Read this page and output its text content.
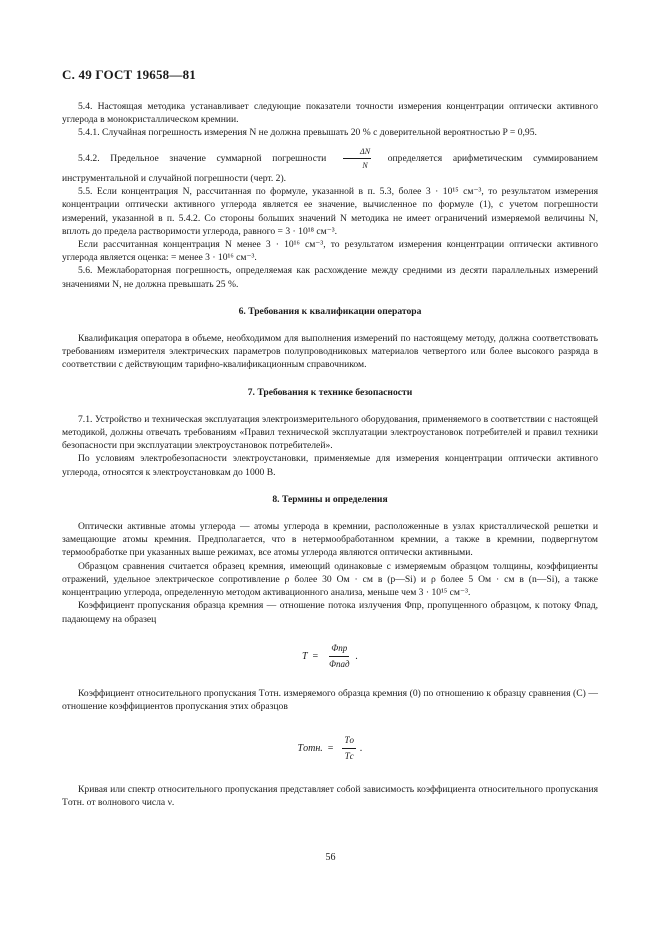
С. 49 ГОСТ 19658—81

5.4. Настоящая методика устанавливает следующие показатели точности измерения концентрации оптически активного углерода в монокристаллическом кремнии.

5.4.1. Случайная погрешность измерения N не должна превышать 20 % с доверительной вероятностью P = 0,95.

5.4.2. Предельное значение суммарной погрешности $\frac{\Delta N}{N}$ определяется арифметическим суммированием инструментальной и случайной погрешности (черт. 2).

5.5. Если концентрация N, рассчитанная по формуле, указанной в п. 5.3, более 3 · 10¹⁵ см⁻³, то результатом измерения концентрации оптически активного углерода является ее значение, вычисленное по формуле (1), с учетом погрешности измерений, указанной в п. 5.4.2. Со стороны больших значений N методика не имеет ограничений измеряемой величины N, вплоть до предела растворимости углерода, равного = 3 · 10¹⁸ см⁻³.

Если рассчитанная концентрация N менее 3 · 10¹⁶ см⁻³, то результатом измерения концентрации оптически активного углерода является оценка: = менее 3 · 10¹⁶ см⁻³.

5.6. Межлабораторная погрешность, определяемая как расхождение между средними из десяти параллельных измерений значениями N, не должна превышать 25 %.

6. Требования к квалификации оператора

Квалификация оператора в объеме, необходимом для выполнения измерений по настоящему методу, должна соответствовать требованиям измерителя электрических параметров полупроводниковых материалов четвертого или более высокого разряда в соответствии с действующим тарифно-квалификационным справочником.

7. Требования к технике безопасности

7.1. Устройство и техническая эксплуатация электроизмерительного оборудования, применяемого в соответствии с настоящей методикой, должны отвечать требованиям «Правил технической эксплуатации электроустановок потребителей и правил техники безопасности при эксплуатации электроустановок потребителей».

По условиям электробезопасности электроустановки, применяемые для измерения концентрации оптически активного углерода, относятся к электроустановкам до 1000 В.

8. Термины и определения

Оптически активные атомы углерода — атомы углерода в кремнии, расположенные в узлах кристаллической решетки и замещающие атомы кремния. Предполагается, что в нетермообработанном кремнии, а также в кремнии, подвергнутом термообработке при указанных выше режимах, все атомы углерода являются оптически активными.

Образцом сравнения считается образец кремния, имеющий одинаковые с измеряемым образцом толщины, коэффициенты отражений, удельное электрическое сопротивление ρ более 30 Ом · см в (p—Si) и ρ более 5 Ом · см в (n—Si), а также концентрацию углерода, определенную методом активационного анализа, меньше чем 3 · 10¹⁵ см⁻³.

Коэффициент пропускания образца кремния — отношение потока излучения Φпр, пропущенного образцом, к потоку Φпад, падающему на образец

$T = \frac{\text{Φпр}}{\text{Φпад}}$ .

Коэффициент относительного пропускания Tотн. измеряемого образца кремния (0) по отношению к образцу сравнения (С) — отношение коэффициентов пропускания этих образцов

Tотн. = $\frac{Tо}{Tс}$ .

Кривая или спектр относительного пропускания представляет собой зависимость коэффициента относительного пропускания Tотн. от волнового числа ν.

56
